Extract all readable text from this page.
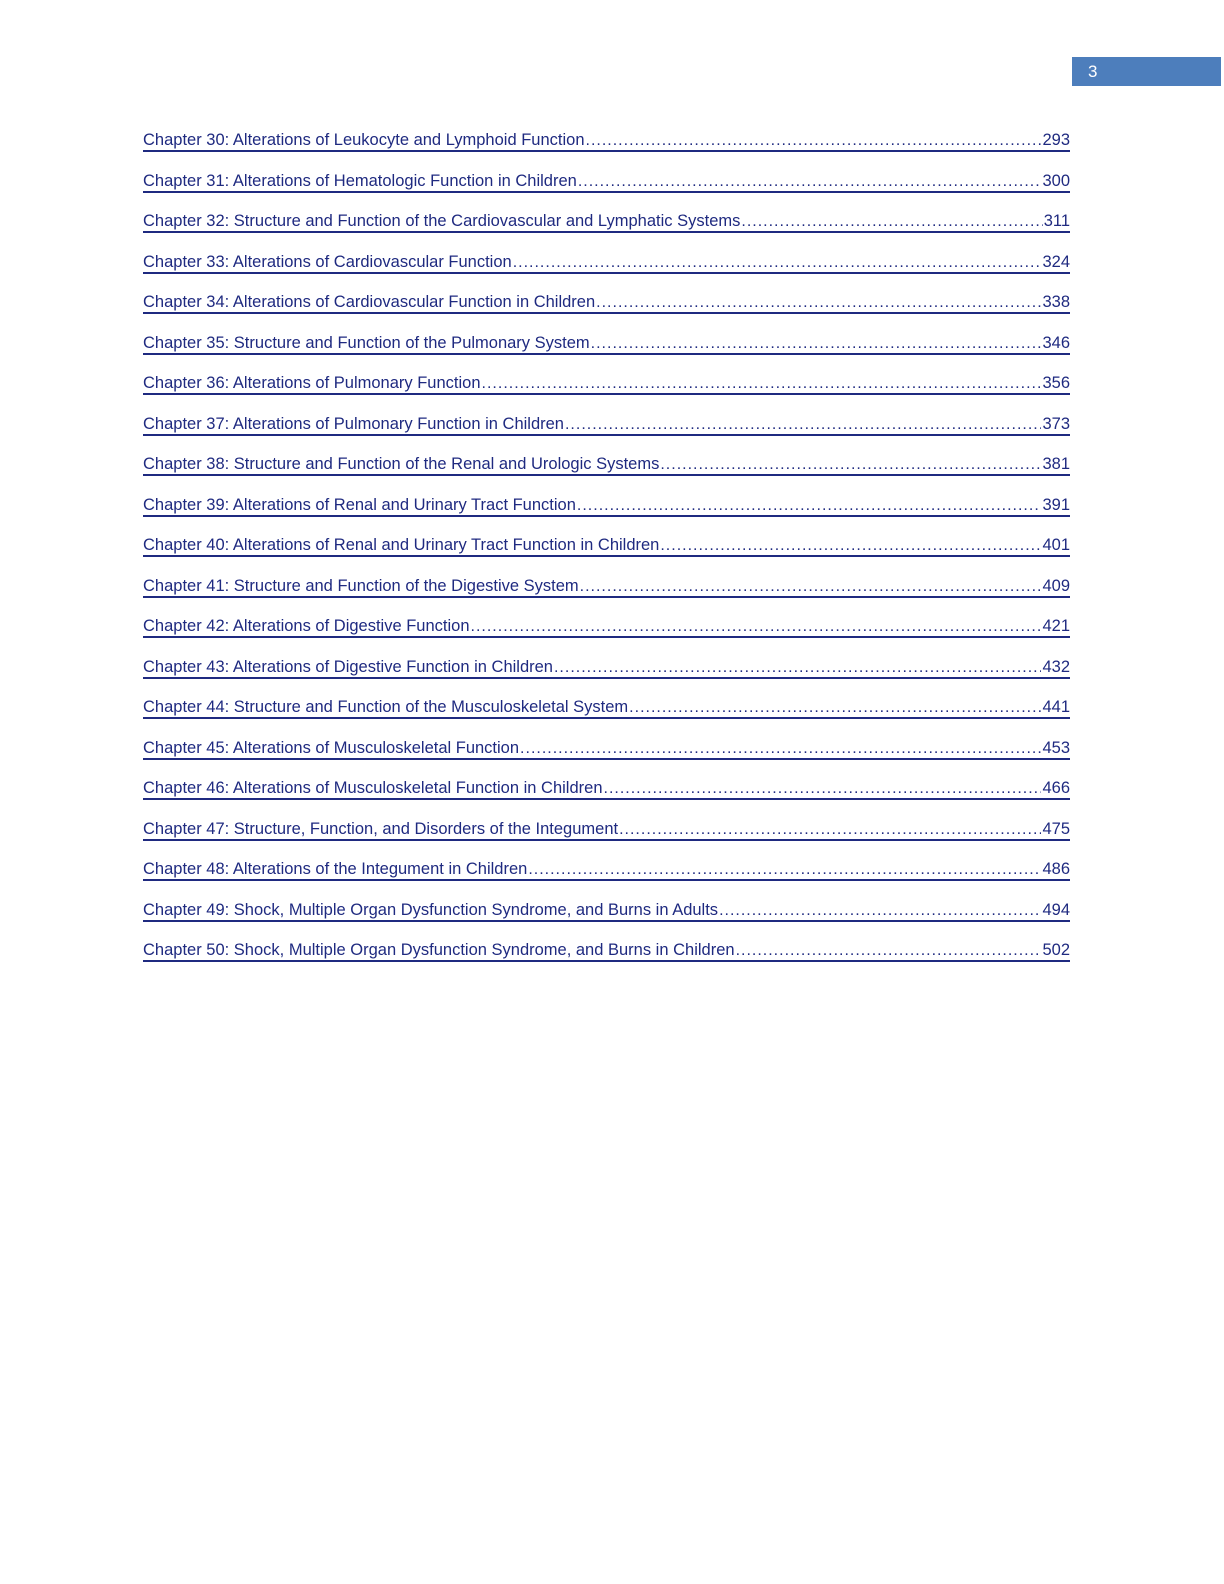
3
Chapter 30: Alterations of Leukocyte and Lymphoid Function .....	293
Chapter 31: Alterations of Hematologic Function in Children .....	300
Chapter 32: Structure and Function of the Cardiovascular and Lymphatic Systems .....	311
Chapter 33: Alterations of Cardiovascular Function .....	324
Chapter 34: Alterations of Cardiovascular Function in Children .....	338
Chapter 35: Structure and Function of the Pulmonary System .....	346
Chapter 36: Alterations of Pulmonary Function .....	356
Chapter 37: Alterations of Pulmonary Function in Children .....	373
Chapter 38: Structure and Function of the Renal and Urologic Systems .....	381
Chapter 39: Alterations of Renal and Urinary Tract Function .....	391
Chapter 40: Alterations of Renal and Urinary Tract Function in Children .....	401
Chapter 41: Structure and Function of the Digestive System .....	409
Chapter 42: Alterations of Digestive Function .....	421
Chapter 43: Alterations of Digestive Function in Children .....	432
Chapter 44: Structure and Function of the Musculoskeletal System .....	441
Chapter 45: Alterations of Musculoskeletal Function .....	453
Chapter 46: Alterations of Musculoskeletal Function in Children .....	466
Chapter 47: Structure, Function, and Disorders of the Integument .....	475
Chapter 48: Alterations of the Integument in Children .....	486
Chapter 49: Shock, Multiple Organ Dysfunction Syndrome, and Burns in Adults .....	494
Chapter 50: Shock, Multiple Organ Dysfunction Syndrome, and Burns in Children .....	502
